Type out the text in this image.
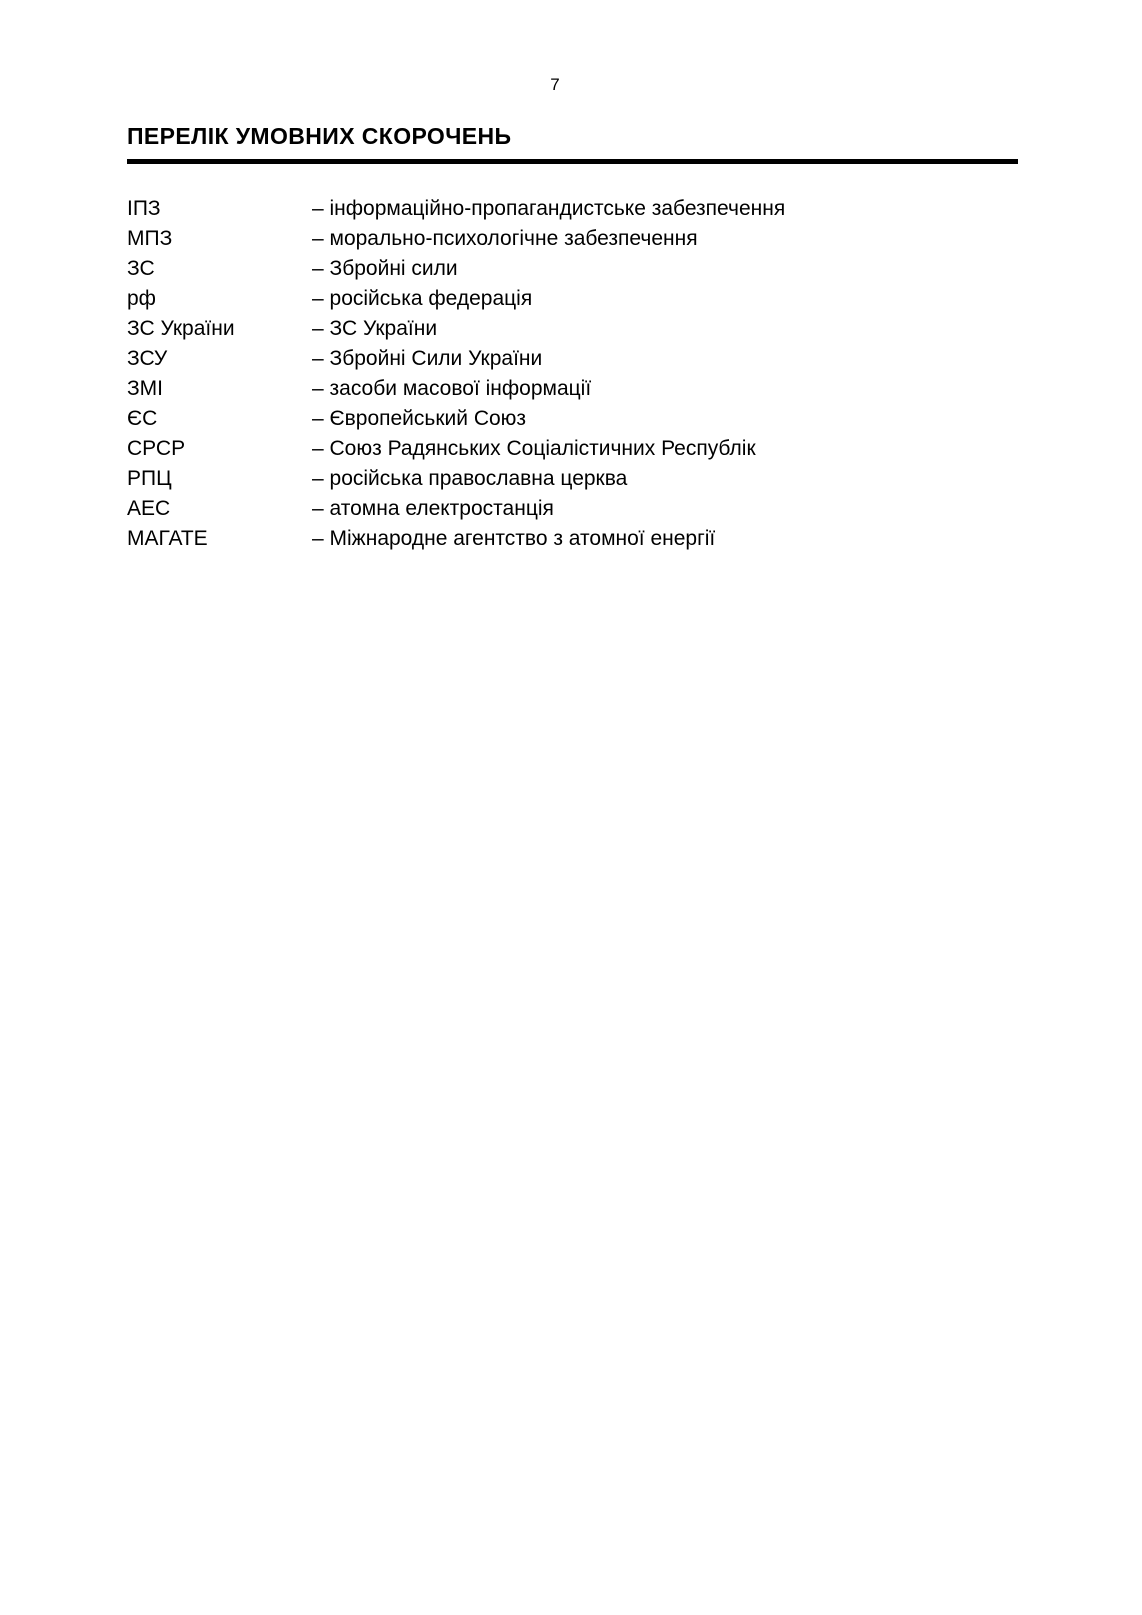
7
ПЕРЕЛІК УМОВНИХ СКОРОЧЕНЬ
ІПЗ	– інформаційно-пропагандистське забезпечення
МПЗ	– морально-психологічне забезпечення
ЗС	– Збройні сили
рф	– російська федерація
ЗС України	– ЗС України
ЗСУ	– Збройні Сили України
ЗМІ	– засоби масової інформації
ЄС	– Європейський Союз
СРСР	– Союз Радянських Соціалістичних Республік
РПЦ	– російська православна церква
АЕС	– атомна електростанція
МАГАТЕ	– Міжнародне агентство з атомної енергії
